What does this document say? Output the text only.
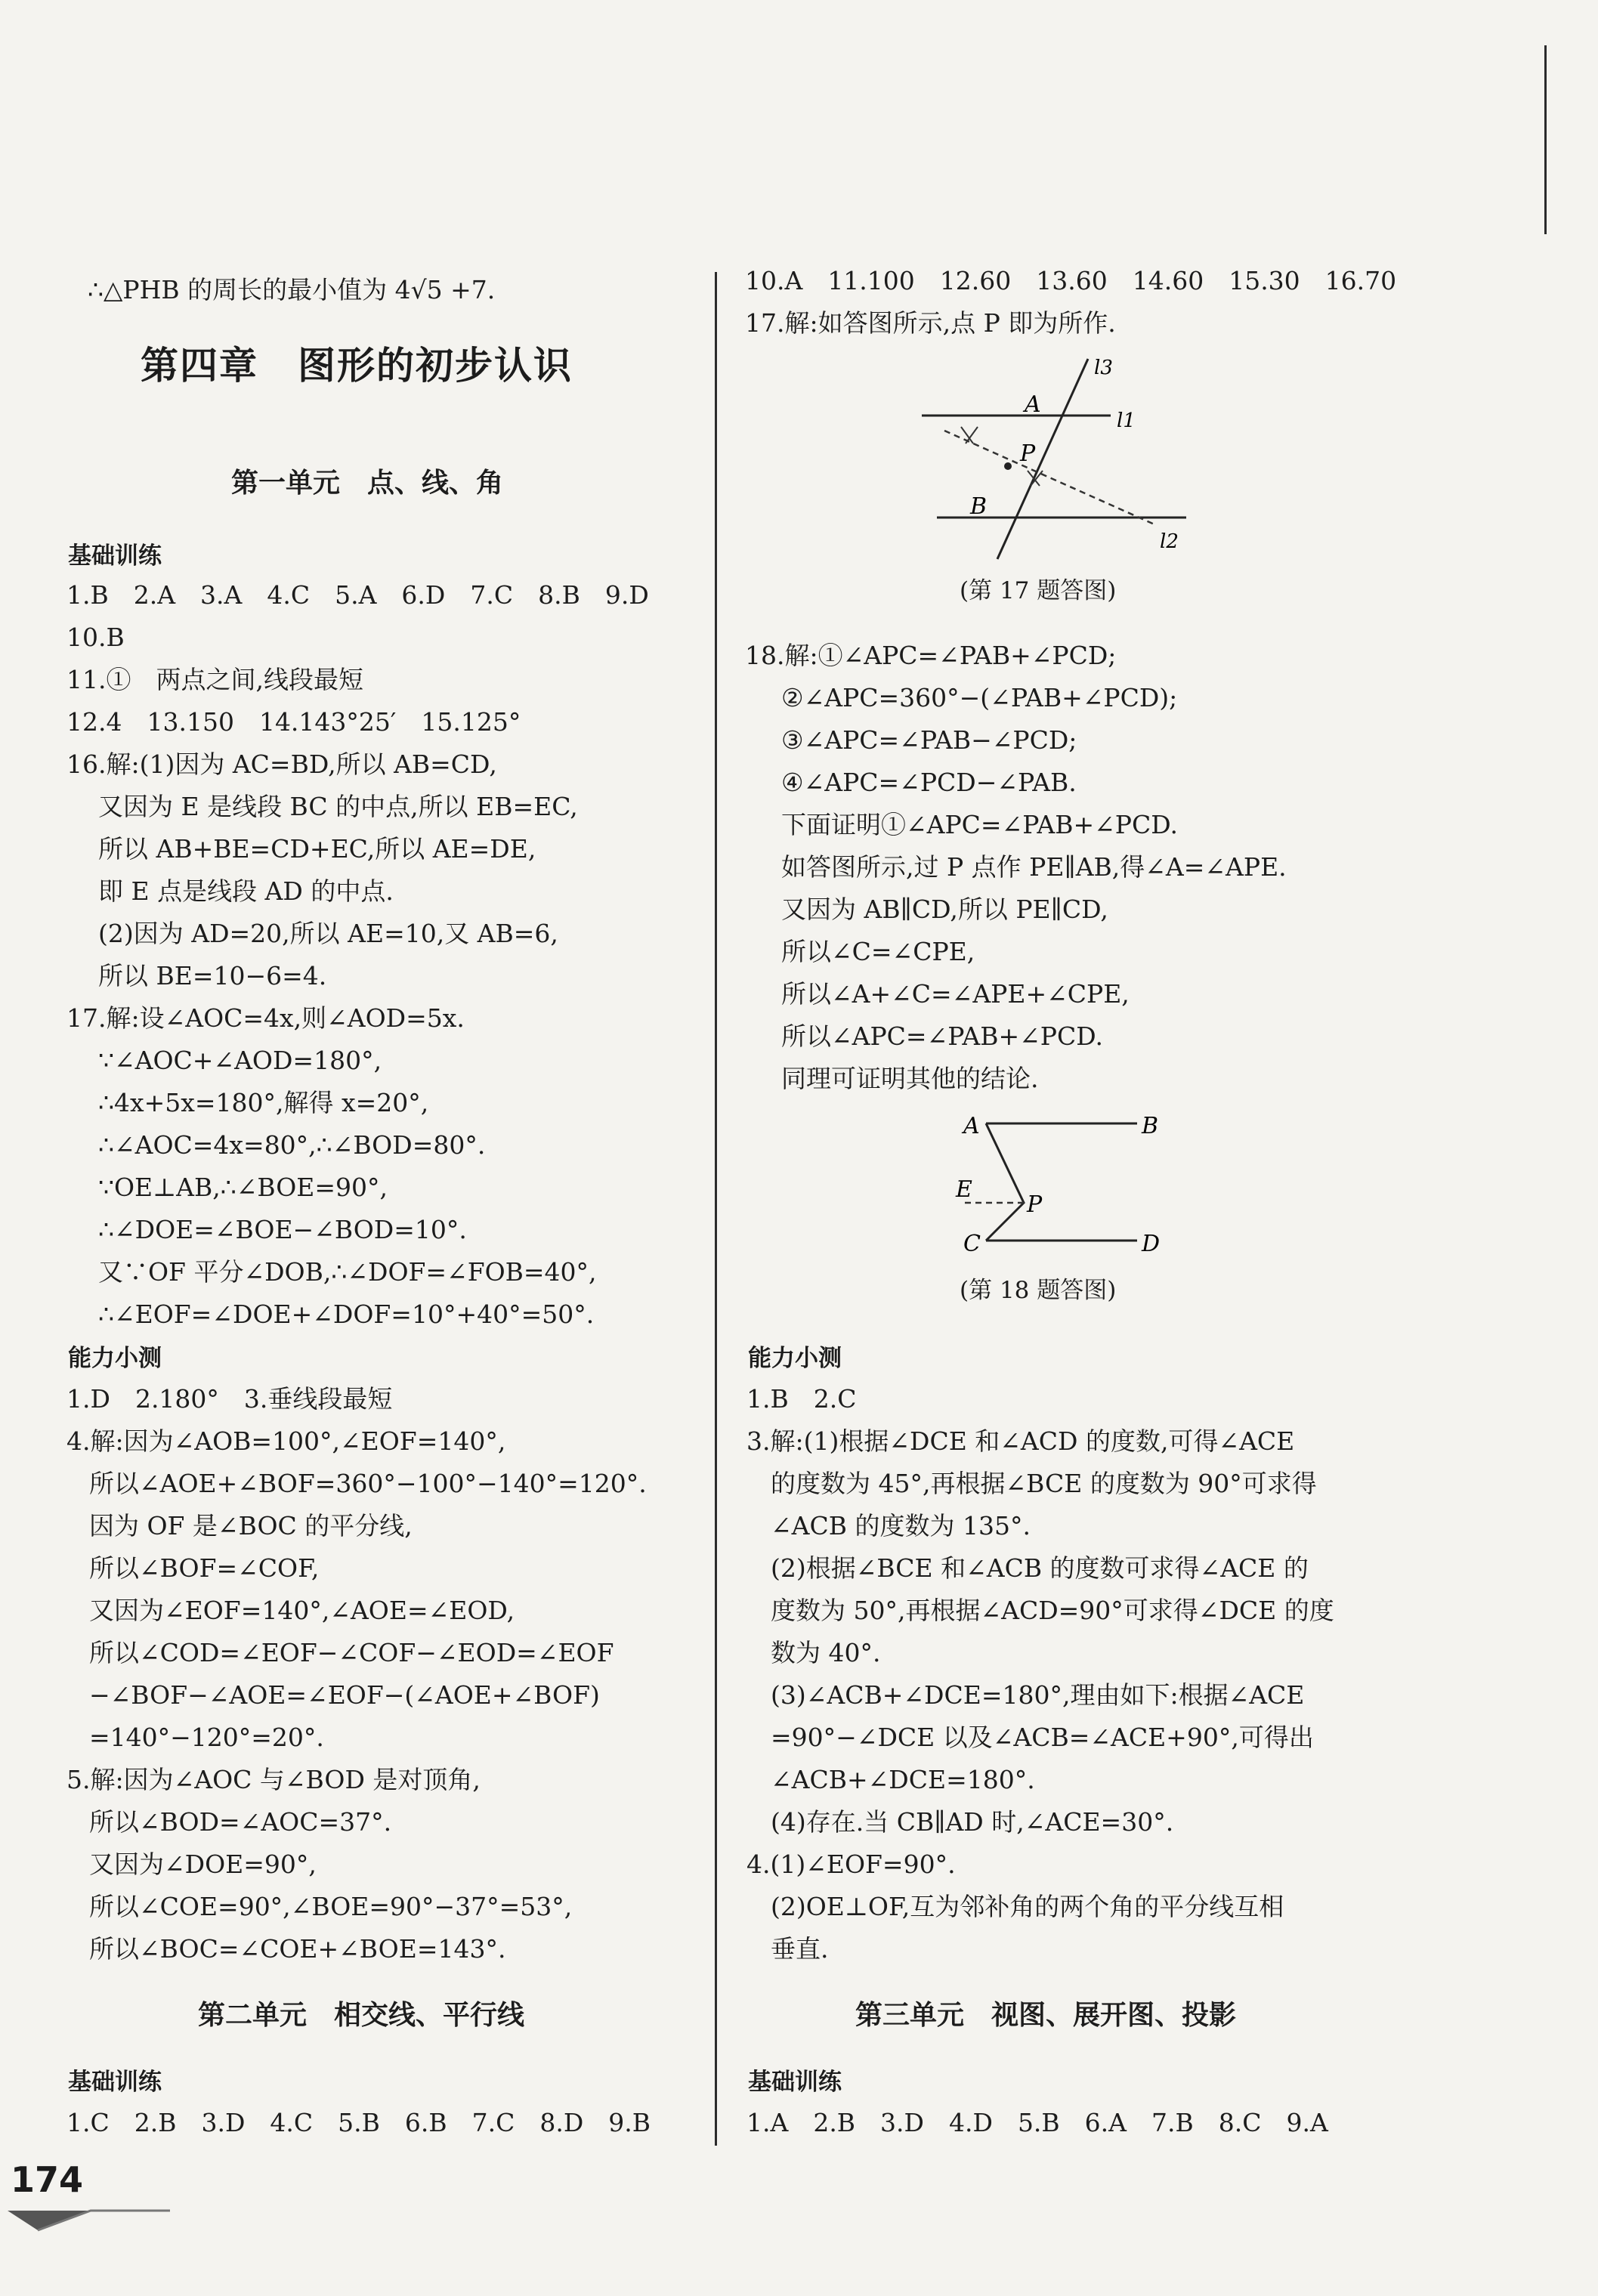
∴△PHB 的周长的最小值为 4√5 +7.
第四章　图形的初步认识
第一单元　点、线、角
基础训练
1.B　2.A　3.A　4.C　5.A　6.D　7.C　8.B　9.D
10.B
11.①　两点之间,线段最短
12.4　13.150　14.143°25′　15.125°
16.解:(1)因为 AC=BD,所以 AB=CD,
又因为 E 是线段 BC 的中点,所以 EB=EC,
所以 AB+BE=CD+EC,所以 AE=DE,
即 E 点是线段 AD 的中点.
(2)因为 AD=20,所以 AE=10,又 AB=6,
所以 BE=10−6=4.
17.解:设∠AOC=4x,则∠AOD=5x.
∵∠AOC+∠AOD=180°,
∴4x+5x=180°,解得 x=20°,
∴∠AOC=4x=80°,∴∠BOD=80°.
∵OE⊥AB,∴∠BOE=90°,
∴∠DOE=∠BOE−∠BOD=10°.
又∵OF 平分∠DOB,∴∠DOF=∠FOB=40°,
∴∠EOF=∠DOE+∠DOF=10°+40°=50°.
能力小测
1.D　2.180°　3.垂线段最短
4.解:因为∠AOB=100°,∠EOF=140°,
所以∠AOE+∠BOF=360°−100°−140°=120°.
因为 OF 是∠BOC 的平分线,
所以∠BOF=∠COF,
又因为∠EOF=140°,∠AOE=∠EOD,
所以∠COD=∠EOF−∠COF−∠EOD=∠EOF
−∠BOF−∠AOE=∠EOF−(∠AOE+∠BOF)
=140°−120°=20°.
5.解:因为∠AOC 与∠BOD 是对顶角,
所以∠BOD=∠AOC=37°.
又因为∠DOE=90°,
所以∠COE=90°,∠BOE=90°−37°=53°,
所以∠BOC=∠COE+∠BOE=143°.
第二单元　相交线、平行线
基础训练
1.C　2.B　3.D　4.C　5.B　6.B　7.C　8.D　9.B
10.A　11.100　12.60　13.60　14.60　15.30　16.70
17.解:如答图所示,点 P 即为所作.
l3
l1
l2
A
P
B
(第 17 题答图)
18.解:①∠APC=∠PAB+∠PCD;
②∠APC=360°−(∠PAB+∠PCD);
③∠APC=∠PAB−∠PCD;
④∠APC=∠PCD−∠PAB.
下面证明①∠APC=∠PAB+∠PCD.
如答图所示,过 P 点作 PE∥AB,得∠A=∠APE.
又因为 AB∥CD,所以 PE∥CD,
所以∠C=∠CPE,
所以∠A+∠C=∠APE+∠CPE,
所以∠APC=∠PAB+∠PCD.
同理可证明其他的结论.
A	B
E
P
C	D
(第 18 题答图)
能力小测
1.B　2.C
3.解:(1)根据∠DCE 和∠ACD 的度数,可得∠ACE
的度数为 45°,再根据∠BCE 的度数为 90°可求得
∠ACB 的度数为 135°.
(2)根据∠BCE 和∠ACB 的度数可求得∠ACE 的
度数为 50°,再根据∠ACD=90°可求得∠DCE 的度
数为 40°.
(3)∠ACB+∠DCE=180°,理由如下:根据∠ACE
=90°−∠DCE 以及∠ACB=∠ACE+90°,可得出
∠ACB+∠DCE=180°.
(4)存在.当 CB∥AD 时,∠ACE=30°.
4.(1)∠EOF=90°.
(2)OE⊥OF,互为邻补角的两个角的平分线互相
垂直.
第三单元　视图、展开图、投影
基础训练
1.A　2.B　3.D　4.D　5.B　6.A　7.B　8.C　9.A
174
